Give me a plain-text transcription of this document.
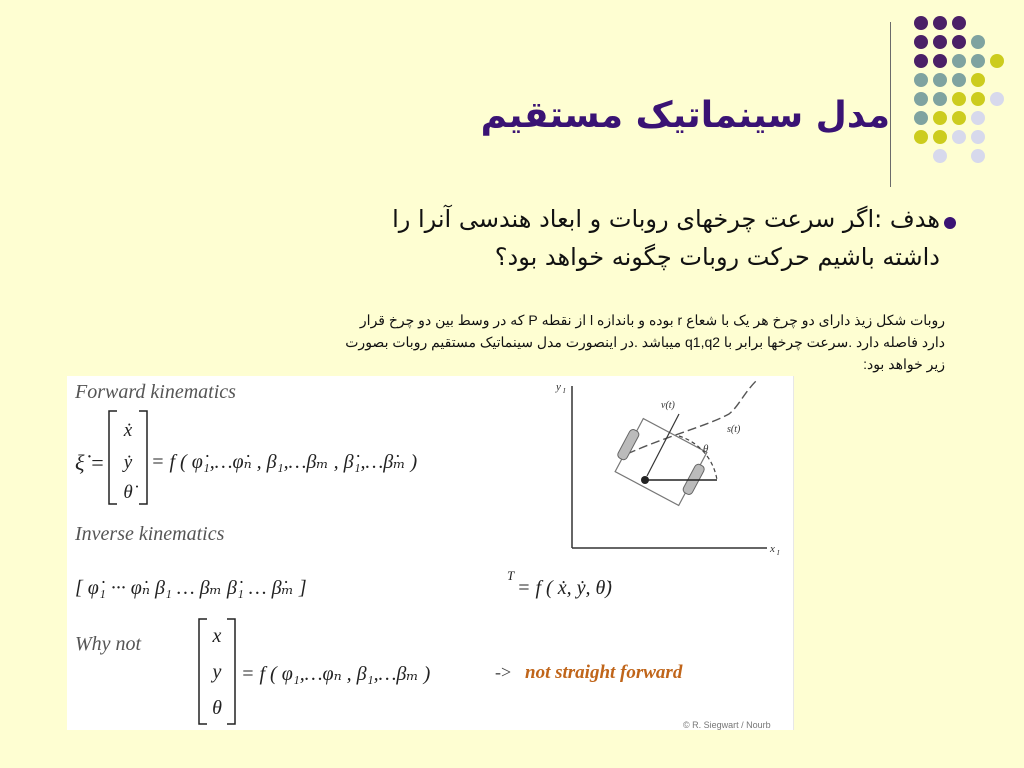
مدل سینماتیک مستقیم
هدف :اگر سرعت چرخهای روبات و ابعاد هندسی آنرا را
داشته باشیم حرکت روبات چگونه خواهد بود؟
روبات شکل زیذ دارای دو چرخ هر یک با شعاع r بوده و باندازه l از نقطه P که در وسط بین دو چرخ قرار
دارد فاصله دارد .سرعت چرخها برابر با q1,q2 میباشد .در اینصورت مدل سینماتیک مستقیم روبات بصورت
زیر خواهد بود:
Forward kinematics
ξ̇ =
ẋ
ẏ
θ̇
= f ( φ̇₁,…φ̇ₙ , β₁,…βₘ , β̇₁,…β̇ₘ )
Inverse kinematics
[ φ̇₁ ··· φ̇ₙ β₁ … βₘ β̇₁ … β̇ₘ ]
T
= f ( ẋ, ẏ, θ̇)
Why not	x
y
θ
= f ( φ₁,…φₙ , β₁,…βₘ )	-> not straight forward
y I
x I
s(t)
v(t)
θ
© R. Siegwart / Nourb
